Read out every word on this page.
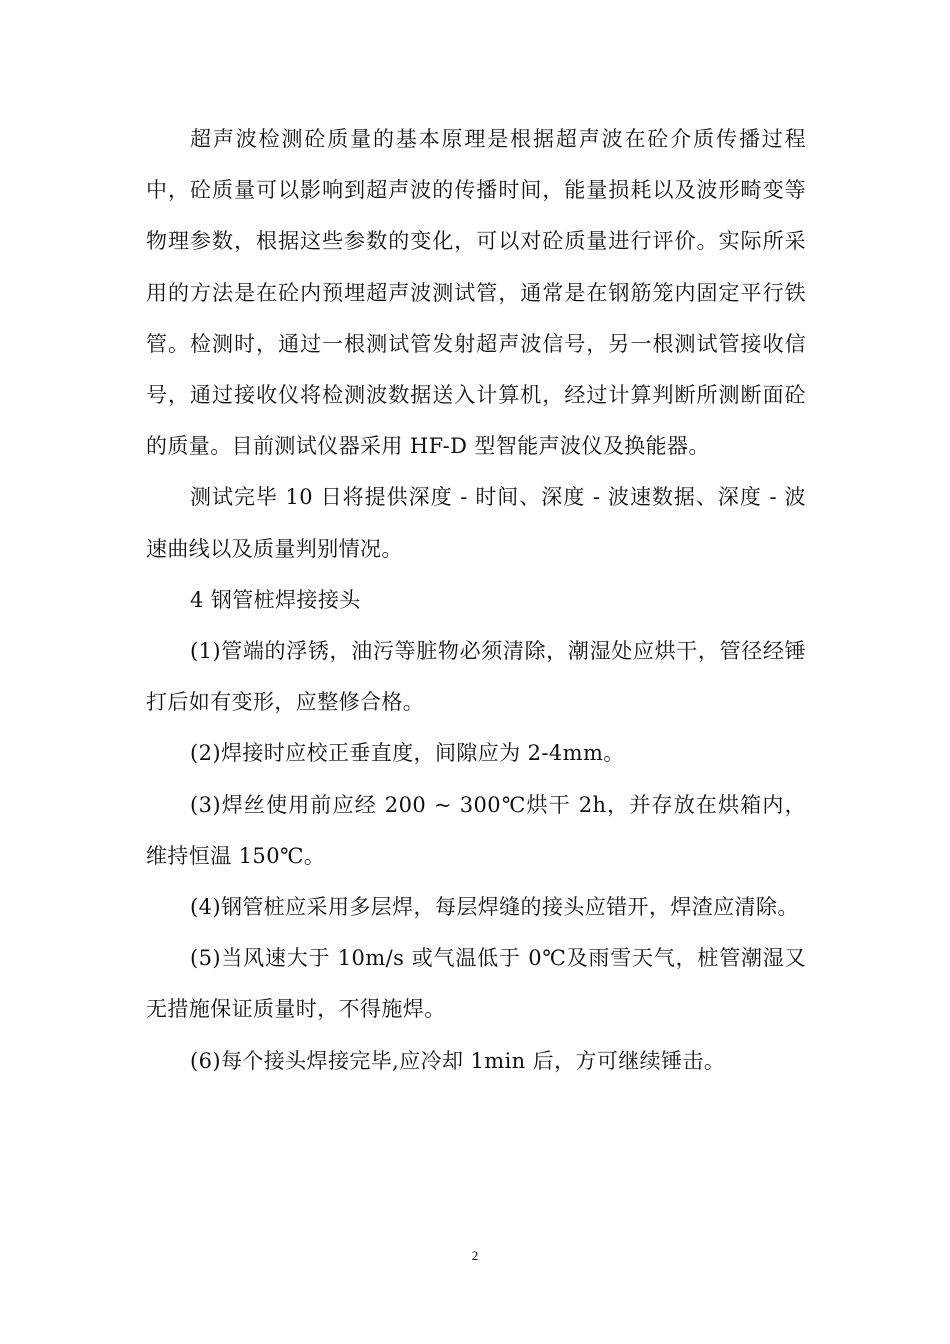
超声波检测砼质量的基本原理是根据超声波在砼介质传播过程中，砼质量可以影响到超声波的传播时间，能量损耗以及波形畸变等物理参数，根据这些参数的变化，可以对砼质量进行评价。实际所采用的方法是在砼内预埋超声波测试管，通常是在钢筋笼内固定平行铁管。检测时，通过一根测试管发射超声波信号，另一根测试管接收信号，通过接收仪将检测波数据送入计算机，经过计算判断所测断面砼的质量。目前测试仪器采用 HF-D 型智能声波仪及换能器。

测试完毕 10 日将提供深度 - 时间、深度 - 波速数据、深度 - 波速曲线以及质量判别情况。

4 钢管桩焊接接头

(1)管端的浮锈，油污等脏物必须清除，潮湿处应烘干，管径经锤打后如有变形，应整修合格。

(2)焊接时应校正垂直度，间隙应为 2-4mm。

(3)焊丝使用前应经 200 ~ 300℃烘干 2h，并存放在烘箱内，维持恒温 150℃。

(4)钢管桩应采用多层焊，每层焊缝的接头应错开，焊渣应清除。

(5)当风速大于 10m/s 或气温低于 0℃及雨雪天气，桩管潮湿又无措施保证质量时，不得施焊。

(6)每个接头焊接完毕,应冷却 1min 后，方可继续锤击。

2
